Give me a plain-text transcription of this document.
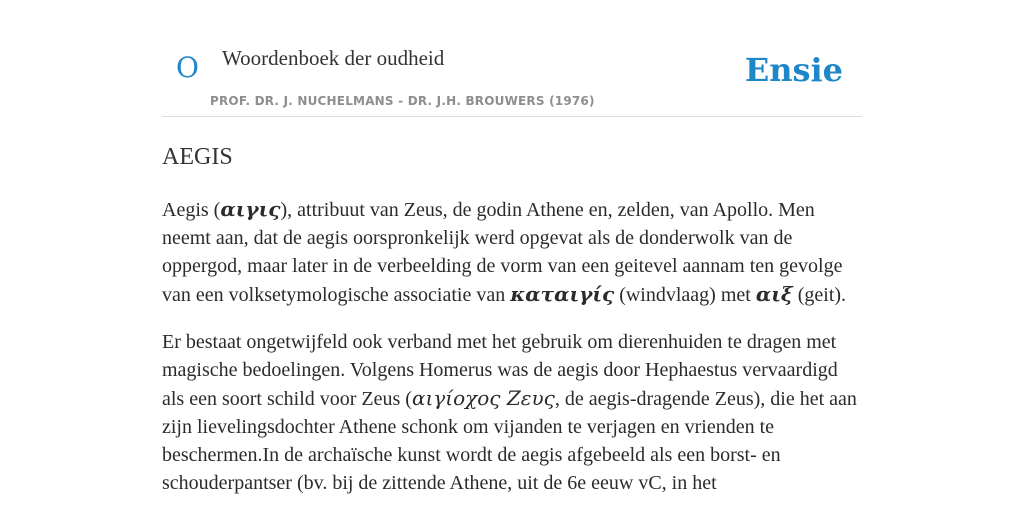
O Woordenboek der oudheid
PROF. DR. J. NUCHELMANS - DR. J.H. BROUWERS (1976)
Ensie
AEGIS

Aegis (αιγις), attribuut van Zeus, de godin Athene en, zelden, van Apollo. Men neemt aan, dat de aegis oorspronkelijk werd opgevat als de donderwolk van de oppergod, maar later in de verbeelding de vorm van een geitevel aannam ten gevolge van een volksetymologische associatie van καταιγίς (windvlaag) met αιξ (geit).

Er bestaat ongetwijfeld ook verband met het gebruik om dierenhuiden te dragen met magische bedoelingen. Volgens Homerus was de aegis door Hephaestus vervaardigd als een soort schild voor Zeus (αιγίοχος Ζευς, de aegis-dragende Zeus), die het aan zijn lievelingsdochter Athene schonk om vijanden te verjagen en vrienden te beschermen.In de archaïsche kunst wordt de aegis afgebeeld als een borst- en schouderpantser (bv. bij de zittende Athene, uit de 6e eeuw vC, in het
